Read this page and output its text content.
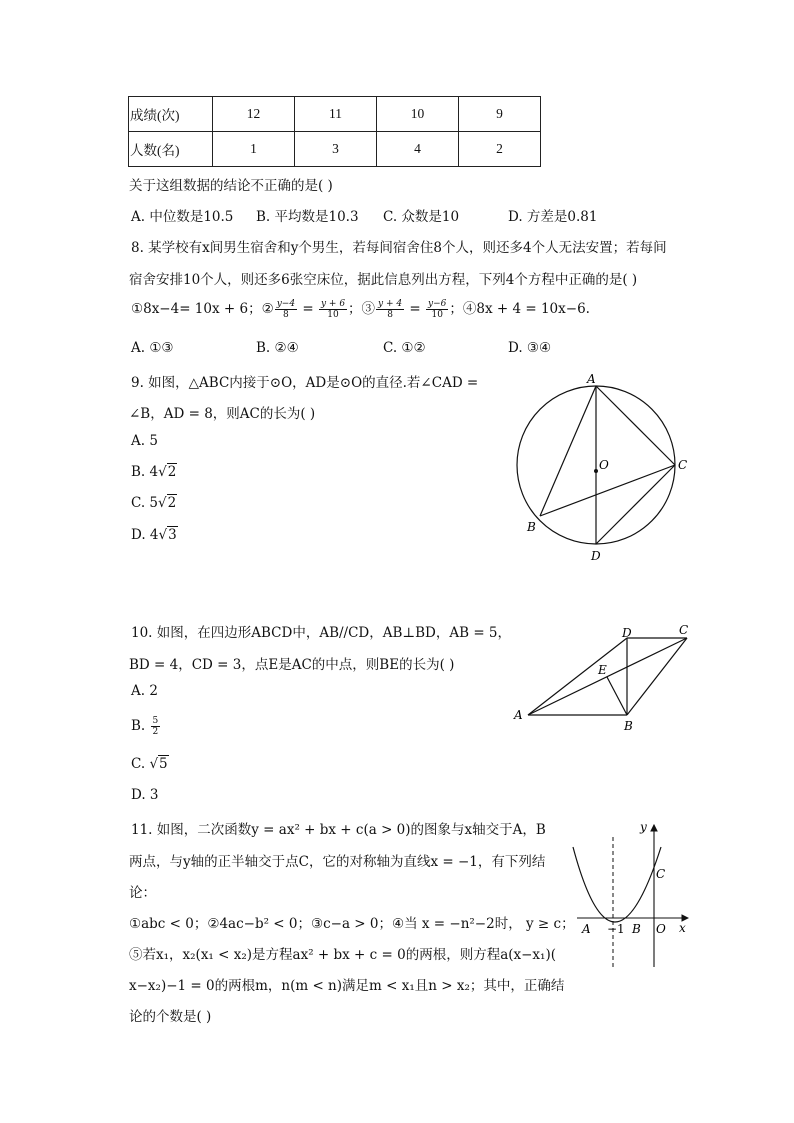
成绩(次)	12	11	10	9
人数(名)	1	3	4	2
关于这组数据的结论不正确的是( )
A. 中位数是10.5 B. 平均数是10.3 C. 众数是10	D. 方差是0.81
8. 某学校有x间男生宿舍和y个男生，若每间宿舍住8个人，则还多4个人无法安置；若每间
宿舍安排10个人，则还多6张空床位，据此信息列出方程，下列4个方程中正确的是( )
①8x−4= 10x + 6；② $\frac{y-4}{8} = \frac{y + 6}{10}$ ；③ $\frac{y + 4}{8} = \frac{y-6}{10}$ ；④8x + 4 = 10x−6.
A. ①③	B. ②④	C. ①②	D. ③④
9. 如图，△ABC内接于⊙O，AD是⊙O的直径.若∠CAD =
∠B，AD = 8，则AC的长为( )
A. 5
B. 4√2
C. 5√2
D. 4√3
A
B
C
D
O
10. 如图，在四边形ABCD中，AB//CD，AB⊥BD，AB = 5，
BD = 4，CD = 3，点E是AC的中点，则BE的长为( )
A. 2
B. $\frac{5}{2}$
C. √5
D. 3
A
B
C
D
E
11. 如图，二次函数y = ax² + bx + c(a > 0)的图象与x轴交于A，B
两点，与y轴的正半轴交于点C，它的对称轴为直线x = −1，有下列结
论：
①abc < 0；②4ac−b² < 0；③c−a > 0；④当 x = −n²−2时， y ≥ c；
⑤若x₁，x₂(x₁ < x₂)是方程ax² + bx + c = 0的两根，则方程a(x−x₁)(
x−x₂)−1 = 0的两根m，n(m < n)满足m < x₁且n > x₂；其中，正确结
论的个数是( )
y
x
C
A −1 B O
